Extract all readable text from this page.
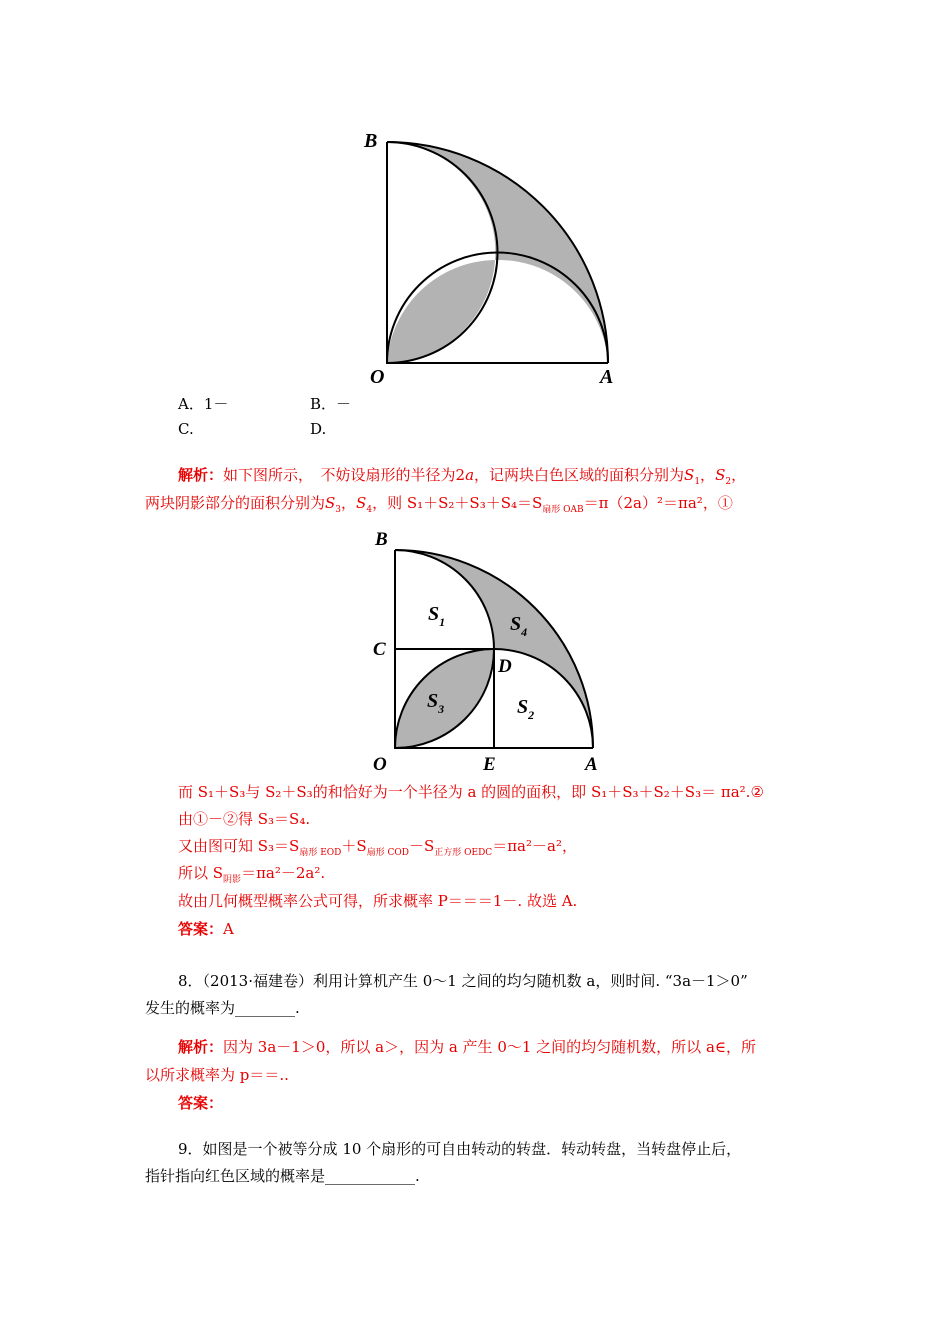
B
O	A
A．1－	B．－
C.	D.
解析：如下图所示，　不妨设扇形的半径为2a，记两块白色区域的面积分别为$S_1$，$S_2$，
两块阴影部分的面积分别为$S_3$，$S_4$，则 $S_1+S_2+S_3+S_4=S_{扇形 OAB}=\pi(2a)^2=\pi a^2$，①
B
C
D
O	E	A
$S_1$	$S_4$
$S_3$	$S_2$
而 S₁＋S₃与 S₂＋S₃的和恰好为一个半径为 a 的圆的面积，即 S₁＋S₃＋S₂＋S₃＝ πa².②
由①－②得 S₃＝S₄.
又由图可知 $S_3=S_{扇形 EOD}+S_{扇形 COD}-S_{正方形 OEDC}=\pi a^2-a^2$，
所以 $S_{阴影}=\pi a^2-2a^2$.
故由几何概型概率公式可得，所求概率 P＝＝＝1－. 故选 A.
答案：A
8．（2013·福建卷）利用计算机产生 0～1 之间的均匀随机数 a，则时间. “3a－1＞0”
发生的概率为________.
解析：因为 3a－1＞0，所以 a＞，因为 a 产生 0～1 之间的均匀随机数，所以 a∈，所
以所求概率为 p＝＝..
答案：
9．如图是一个被等分成 10 个扇形的可自由转动的转盘．转动转盘，当转盘停止后，
指针指向红色区域的概率是____________.
